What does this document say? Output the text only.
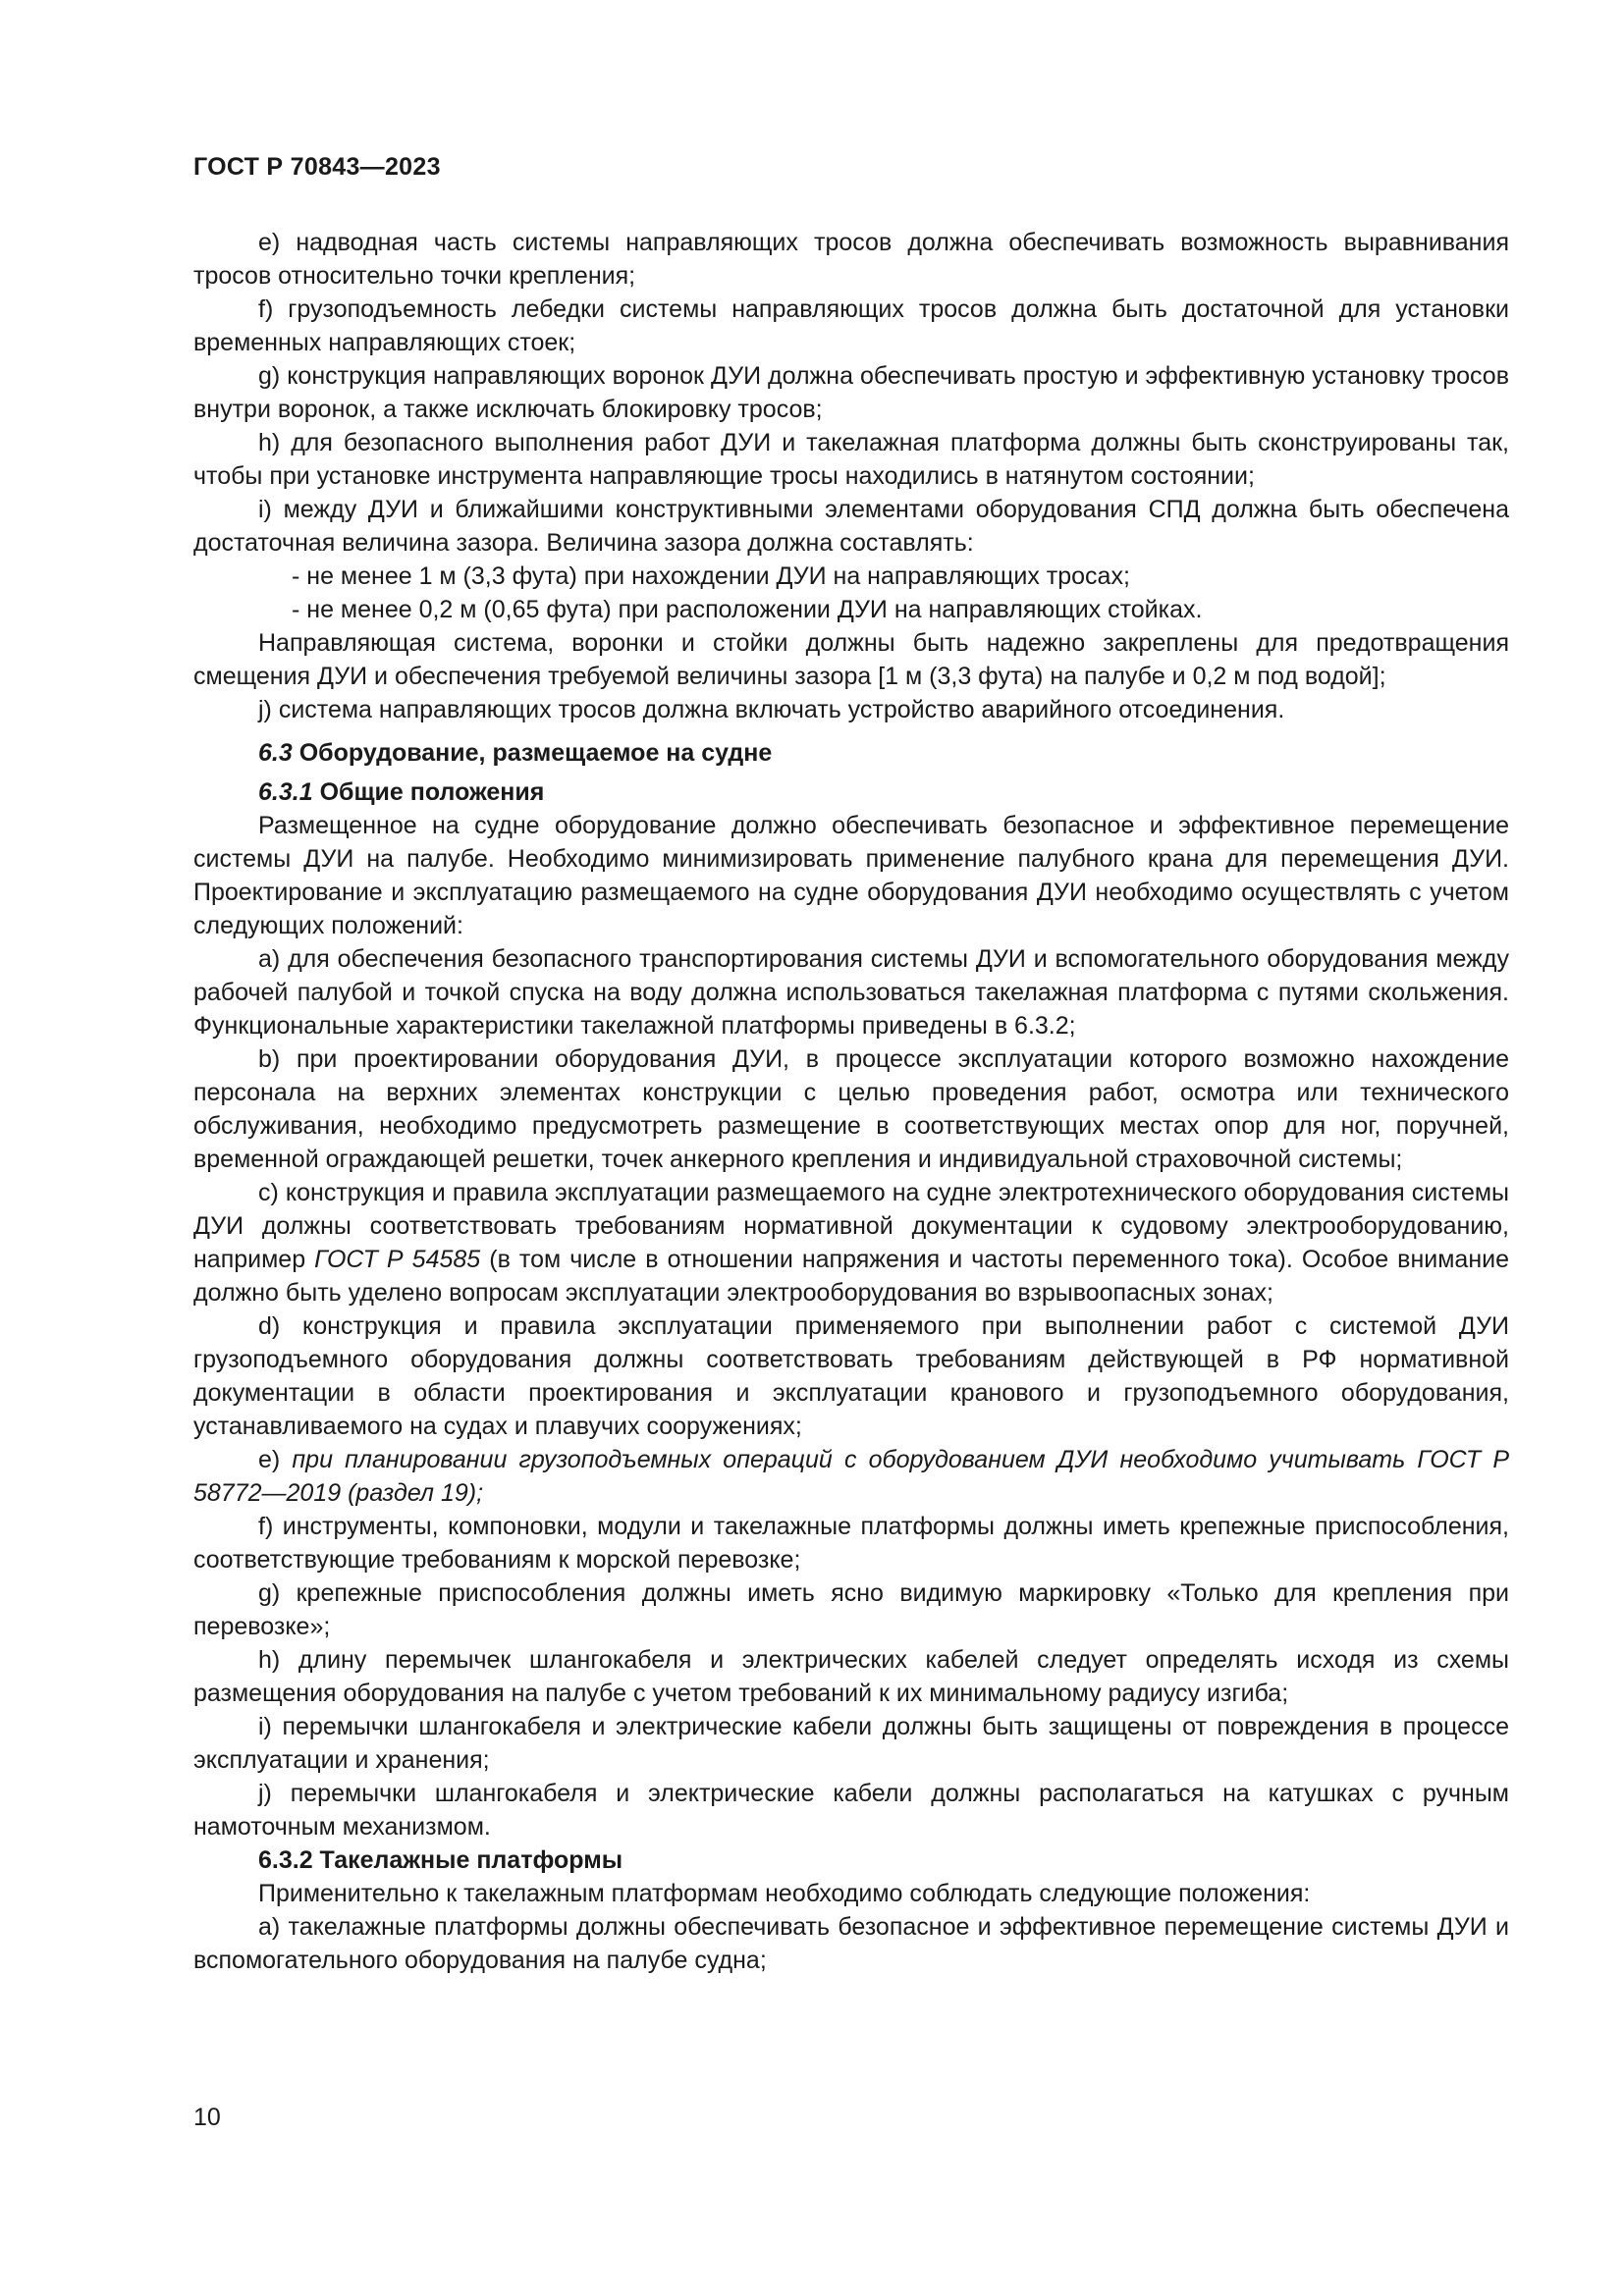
ГОСТ Р 70843—2023

e) надводная часть системы направляющих тросов должна обеспечивать возможность выравнивания тросов относительно точки крепления;

f) грузоподъемность лебедки системы направляющих тросов должна быть достаточной для установки временных направляющих стоек;

g) конструкция направляющих воронок ДУИ должна обеспечивать простую и эффективную установку тросов внутри воронок, а также исключать блокировку тросов;

h) для безопасного выполнения работ ДУИ и такелажная платформа должны быть сконструированы так, чтобы при установке инструмента направляющие тросы находились в натянутом состоянии;

i) между ДУИ и ближайшими конструктивными элементами оборудования СПД должна быть обеспечена достаточная величина зазора. Величина зазора должна составлять:

- не менее 1 м (3,3 фута) при нахождении ДУИ на направляющих тросах;

- не менее 0,2 м (0,65 фута) при расположении ДУИ на направляющих стойках.

Направляющая система, воронки и стойки должны быть надежно закреплены для предотвращения смещения ДУИ и обеспечения требуемой величины зазора [1 м (3,3 фута) на палубе и 0,2 м под водой];

j) система направляющих тросов должна включать устройство аварийного отсоединения.

6.3 Оборудование, размещаемое на судне

6.3.1 Общие положения

Размещенное на судне оборудование должно обеспечивать безопасное и эффективное перемещение системы ДУИ на палубе. Необходимо минимизировать применение палубного крана для перемещения ДУИ. Проектирование и эксплуатацию размещаемого на судне оборудования ДУИ необходимо осуществлять с учетом следующих положений:

a) для обеспечения безопасного транспортирования системы ДУИ и вспомогательного оборудования между рабочей палубой и точкой спуска на воду должна использоваться такелажная платформа с путями скольжения. Функциональные характеристики такелажной платформы приведены в 6.3.2;

b) при проектировании оборудования ДУИ, в процессе эксплуатации которого возможно нахождение персонала на верхних элементах конструкции с целью проведения работ, осмотра или технического обслуживания, необходимо предусмотреть размещение в соответствующих местах опор для ног, поручней, временной ограждающей решетки, точек анкерного крепления и индивидуальной страховочной системы;

c) конструкция и правила эксплуатации размещаемого на судне электротехнического оборудования системы ДУИ должны соответствовать требованиям нормативной документации к судовому электрооборудованию, например ГОСТ Р 54585 (в том числе в отношении напряжения и частоты переменного тока). Особое внимание должно быть уделено вопросам эксплуатации электрооборудования во взрывоопасных зонах;

d) конструкция и правила эксплуатации применяемого при выполнении работ с системой ДУИ грузоподъемного оборудования должны соответствовать требованиям действующей в РФ нормативной документации в области проектирования и эксплуатации кранового и грузоподъемного оборудования, устанавливаемого на судах и плавучих сооружениях;

e) при планировании грузоподъемных операций с оборудованием ДУИ необходимо учитывать ГОСТ Р 58772—2019 (раздел 19);

f) инструменты, компоновки, модули и такелажные платформы должны иметь крепежные приспособления, соответствующие требованиям к морской перевозке;

g) крепежные приспособления должны иметь ясно видимую маркировку «Только для крепления при перевозке»;

h) длину перемычек шлангокабеля и электрических кабелей следует определять исходя из схемы размещения оборудования на палубе с учетом требований к их минимальному радиусу изгиба;

i) перемычки шлангокабеля и электрические кабели должны быть защищены от повреждения в процессе эксплуатации и хранения;

j) перемычки шлангокабеля и электрические кабели должны располагаться на катушках с ручным намоточным механизмом.

6.3.2 Такелажные платформы

Применительно к такелажным платформам необходимо соблюдать следующие положения:

a) такелажные платформы должны обеспечивать безопасное и эффективное перемещение системы ДУИ и вспомогательного оборудования на палубе судна;

10
